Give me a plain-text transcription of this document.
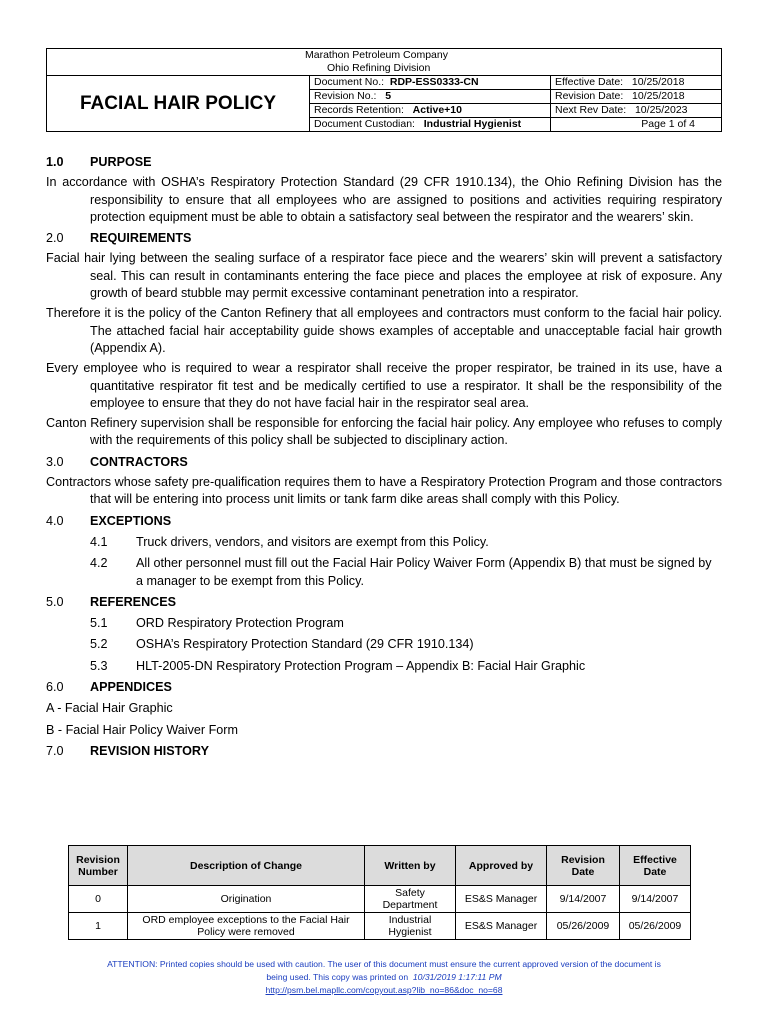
Marathon Petroleum Company		
Ohio Refining Division		
FACIAL HAIR POLICY	Document No.: RDP-ESS0333-CN	Effective Date: 10/25/2018
	Revision No.: 5	Revision Date: 10/25/2018
	Records Retention: Active+10	Next Rev Date: 10/25/2023
	Document Custodian: Industrial Hygienist	Page 1 of 4
1.0	PURPOSE
In accordance with OSHA’s Respiratory Protection Standard (29 CFR 1910.134), the Ohio Refining Division has the responsibility to ensure that all employees who are assigned to positions and activities requiring respiratory protection equipment must be able to obtain a satisfactory seal between the respirator and the wearers’ skin.
2.0	REQUIREMENTS
Facial hair lying between the sealing surface of a respirator face piece and the wearers’ skin will prevent a satisfactory seal. This can result in contaminants entering the face piece and places the employee at risk of exposure. Any growth of beard stubble may permit excessive contaminant penetration into a respirator.
Therefore it is the policy of the Canton Refinery that all employees and contractors must conform to the facial hair policy. The attached facial hair acceptability guide shows examples of acceptable and unacceptable facial hair growth (Appendix A).
Every employee who is required to wear a respirator shall receive the proper respirator, be trained in its use, have a quantitative respirator fit test and be medically certified to use a respirator. It shall be the responsibility of the employee to ensure that they do not have facial hair in the respirator seal area.
Canton Refinery supervision shall be responsible for enforcing the facial hair policy. Any employee who refuses to comply with the requirements of this policy shall be subjected to disciplinary action.
3.0	CONTRACTORS
Contractors whose safety pre-qualification requires them to have a Respiratory Protection Program and those contractors that will be entering into process unit limits or tank farm dike areas shall comply with this Policy.
4.0	EXCEPTIONS
4.1	Truck drivers, vendors, and visitors are exempt from this Policy.
4.2	All other personnel must fill out the Facial Hair Policy Waiver Form (Appendix B) that must be signed by a manager to be exempt from this Policy.
5.0	REFERENCES
5.1	ORD Respiratory Protection Program
5.2	OSHA’s Respiratory Protection Standard (29 CFR 1910.134)
5.3	HLT-2005-DN Respiratory Protection Program – Appendix B: Facial Hair Graphic
6.0	APPENDICES
A - Facial Hair Graphic
B - Facial Hair Policy Waiver Form
7.0	REVISION HISTORY
Revision Number	Description of Change	Written by	Approved by	Revision Date	Effective Date
0	Origination	Safety Department	ES&S Manager	9/14/2007	9/14/2007
1	ORD employee exceptions to the Facial Hair Policy were removed	Industrial Hygienist	ES&S Manager	05/26/2009	05/26/2009
ATTENTION: Printed copies should be used with caution. The user of this document must ensure the current approved version of the document is
being used. This copy was printed on 10/31/2019 1:17:11 PM
http://psm.bel.mapllc.com/copyout.asp?lib_no=86&doc_no=68
